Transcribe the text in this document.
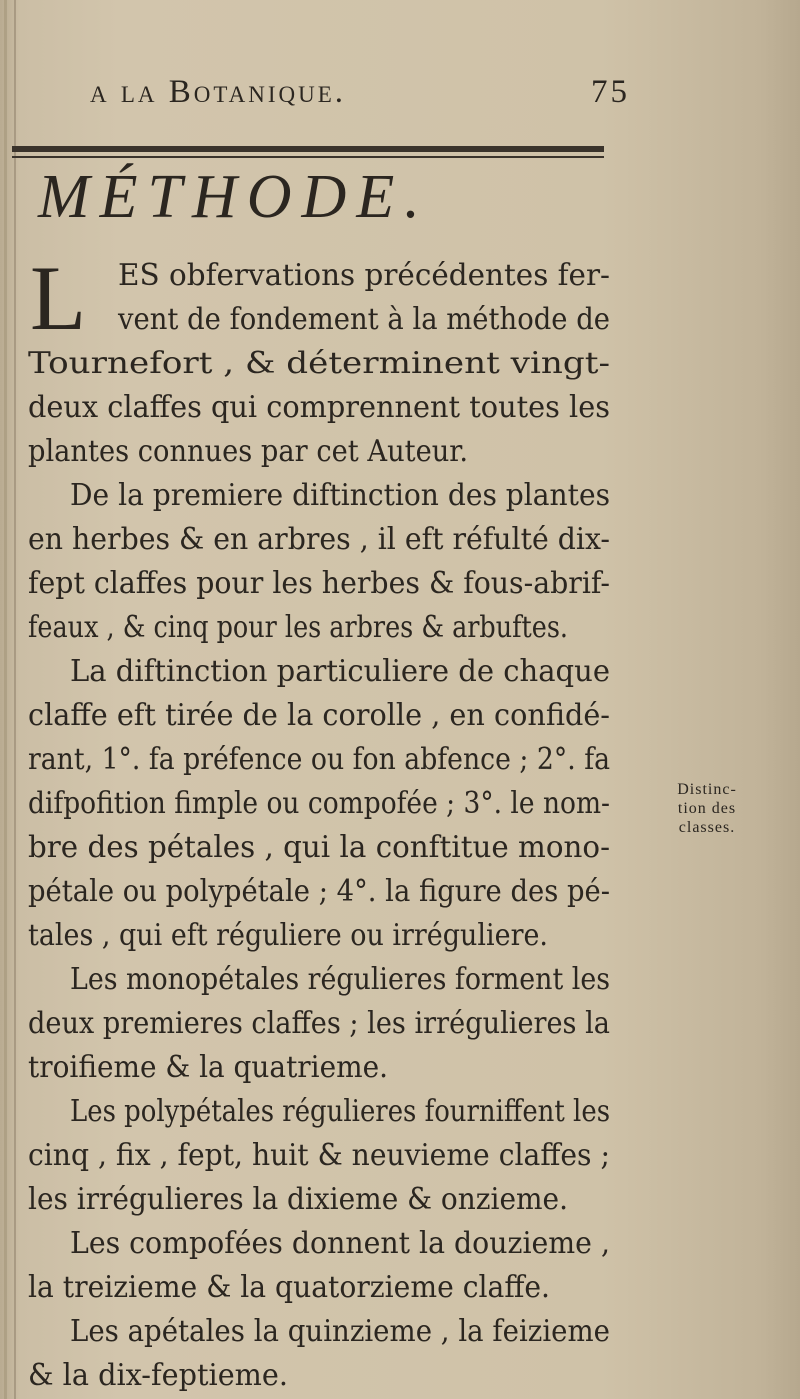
a la Botanique.	75
MÉTHODE.
L ES obfervations précédentes fer-
vent de fondement à la méthode de
Tournefort , & déterminent vingt-
deux claffes qui comprennent toutes les
plantes connues par cet Auteur.
De la premiere diftinction des plantes
en herbes & en arbres , il eft réfulté dix-
fept claffes pour les herbes & fous-abrif-
feaux , & cinq pour les arbres & arbuftes.
La diftinction particuliere de chaque
claffe eft tirée de la corolle , en confidé-
rant, 1°. fa préfence ou fon abfence ; 2°. fa
difpofition fimple ou compofée ; 3°. le nom-
bre des pétales , qui la conftitue mono-
pétale ou polypétale ; 4°. la figure des pé-
tales , qui eft réguliere ou irréguliere.
Les monopétales régulieres forment les
deux premieres claffes ; les irrégulieres la
troifieme & la quatrieme.
Les polypétales régulieres fourniffent les
cinq , fix , fept, huit & neuvieme claffes ;
les irrégulieres la dixieme & onzieme.
Les compofées donnent la douzieme ,
la treizieme & la quatorzieme claffe.
Les apétales la quinzieme , la feizieme
& la dix-feptieme.
Distinc-
tion des
classes.
